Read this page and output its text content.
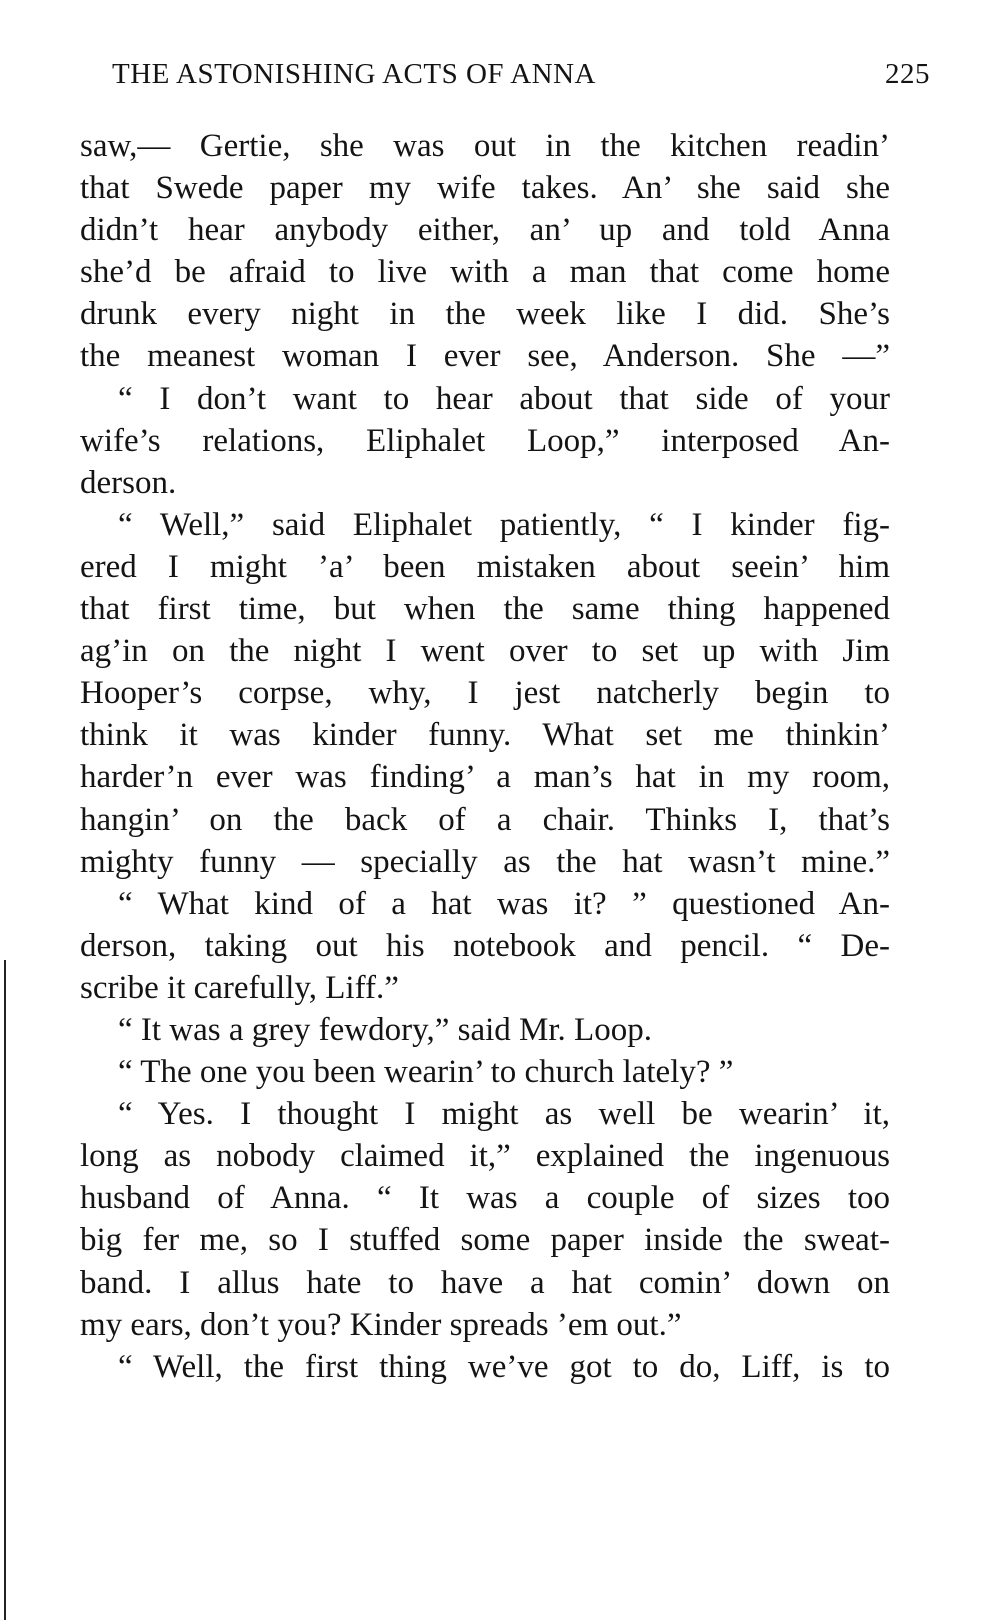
THE ASTONISHING ACTS OF ANNA	225
saw,— Gertie, she was out in the kitchen readin’
that Swede paper my wife takes. An’ she said she
didn’t hear anybody either, an’ up and told Anna
she’d be afraid to live with a man that come home
drunk every night in the week like I did. She’s
the meanest woman I ever see, Anderson. She —”
“ I don’t want to hear about that side of your
wife’s relations, Eliphalet Loop,” interposed An-
derson.
“ Well,” said Eliphalet patiently, “ I kinder fig-
ered I might ’a’ been mistaken about seein’ him
that first time, but when the same thing happened
ag’in on the night I went over to set up with Jim
Hooper’s corpse, why, I jest natcherly begin to
think it was kinder funny. What set me thinkin’
harder’n ever was finding’ a man’s hat in my room,
hangin’ on the back of a chair. Thinks I, that’s
mighty funny — specially as the hat wasn’t mine.”
“ What kind of a hat was it? ” questioned An-
derson, taking out his notebook and pencil. “ De-
scribe it carefully, Liff.”
“ It was a grey fewdory,” said Mr. Loop.
“ The one you been wearin’ to church lately? ”
“ Yes. I thought I might as well be wearin’ it,
long as nobody claimed it,” explained the ingenuous
husband of Anna. “ It was a couple of sizes too
big fer me, so I stuffed some paper inside the sweat-
band. I allus hate to have a hat comin’ down on
my ears, don’t you? Kinder spreads ’em out.”
“ Well, the first thing we’ve got to do, Liff, is to
